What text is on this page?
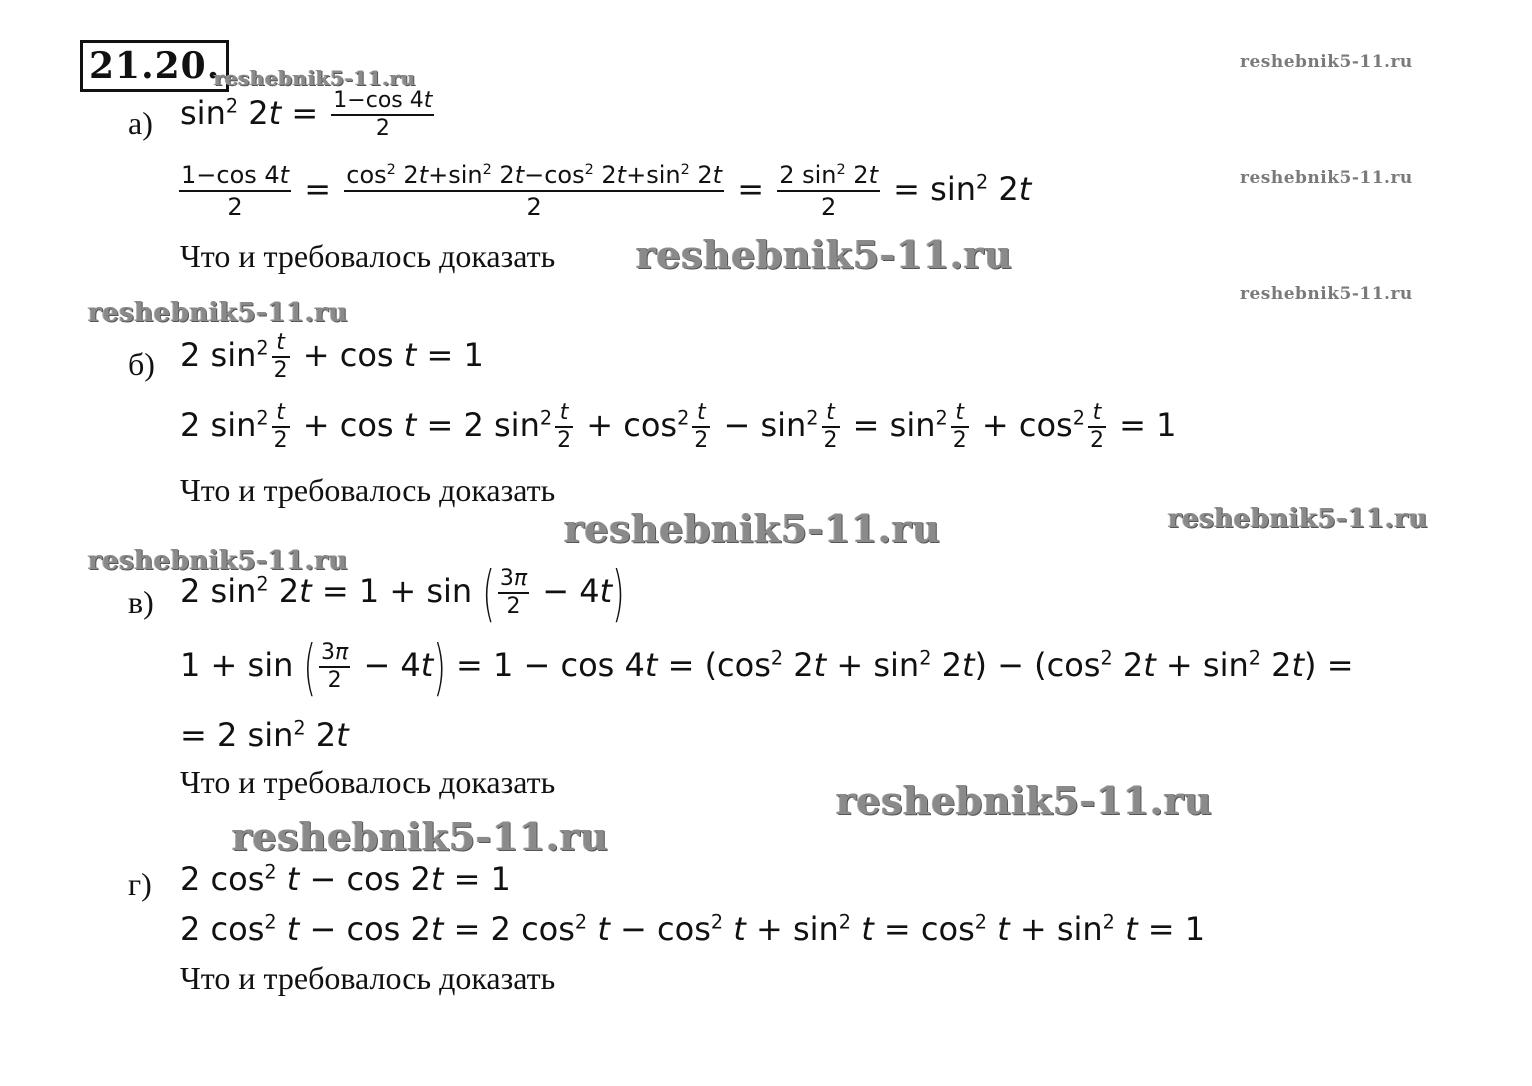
21.20.
reshebnik5-11.ru
reshebnik5-11.ru
reshebnik5-11.ru
reshebnik5-11.ru
reshebnik5-11.ru
reshebnik5-11.ru
reshebnik5-11.ru
reshebnik5-11.ru	reshebnik5-11.ru
reshebnik5-11.ru
reshebnik5-11.ru
а) $\sin^2 2t = \frac{1-\cos 4t}{2}$
$\frac{1-\cos 4t}{2} = \frac{\cos^2 2t+\sin^2 2t-\cos^2 2t+\sin^2 2t}{2} = \frac{2 \sin^2 2t}{2} = \sin^2 2t$
Что и требовалось доказать
б) 2 $\sin^2 \frac{t}{2} + \cos t = 1$
2 $\sin^2 \frac{t}{2} + \cos t = 2$ $\sin^2 \frac{t}{2} + \cos^2 \frac{t}{2} - \sin^2 \frac{t}{2} = \sin^2 \frac{t}{2} + \cos^2 \frac{t}{2} = 1$
Что и требовалось доказать
в) 2 $\sin^2 2t = 1 + \sin$ ( $\frac{3\pi}{2} - 4t$)
1 + sin ( $\frac{3\pi}{2} - 4t) = 1 - \cos 4t = (\cos^2$ $2t + \sin^2 2t) - (\cos^2$ $2t + \sin^2 2t$) =
= 2 $\sin^2 2t$
Что и требовалось доказать
г) 2 $\cos^2 t - \cos 2t = 1$
2 $\cos^2 t - \cos 2t = 2$ $\cos^2 t - \cos^2 t + \sin^2 t = \cos^2 t + \sin^2 t = 1$
Что и требовалось доказать
